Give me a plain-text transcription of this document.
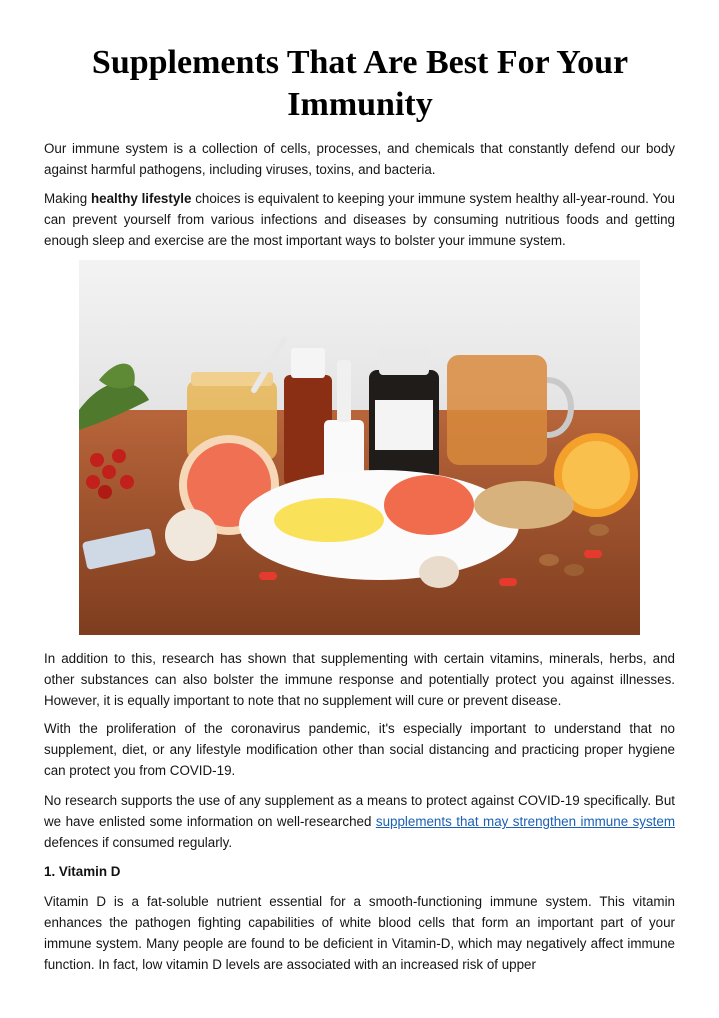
Supplements That Are Best For Your Immunity

Our immune system is a collection of cells, processes, and chemicals that constantly defend our body against harmful pathogens, including viruses, toxins, and bacteria.

Making healthy lifestyle choices is equivalent to keeping your immune system healthy all-year-round. You can prevent yourself from various infections and diseases by consuming nutritious foods and getting enough sleep and exercise are the most important ways to bolster your immune system.

In addition to this, research has shown that supplementing with certain vitamins, minerals, herbs, and other substances can also bolster the immune response and potentially protect you against illnesses. However, it is equally important to note that no supplement will cure or prevent disease.

With the proliferation of the coronavirus pandemic, it's especially important to understand that no supplement, diet, or any lifestyle modification other than social distancing and practicing proper hygiene can protect you from COVID-19.

No research supports the use of any supplement as a means to protect against COVID-19 specifically. But we have enlisted some information on well-researched supplements that may strengthen immune system defences if consumed regularly.

1. Vitamin D

Vitamin D is a fat-soluble nutrient essential for a smooth-functioning immune system. This vitamin enhances the pathogen fighting capabilities of white blood cells that form an important part of your immune system. Many people are found to be deficient in Vitamin-D, which may negatively affect immune function. In fact, low vitamin D levels are associated with an increased risk of upper
